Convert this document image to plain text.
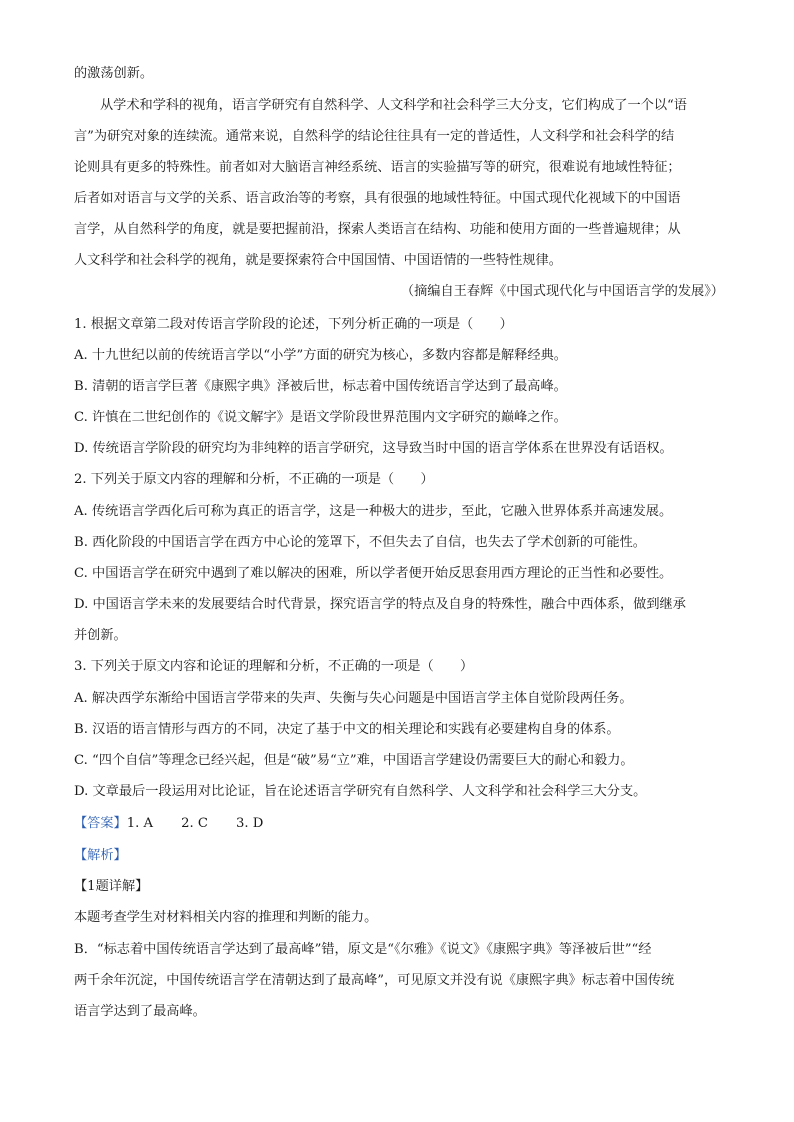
的激荡创新。
从学术和学科的视角，语言学研究有自然科学、人文科学和社会科学三大分支，它们构成了一个以“语
言”为研究对象的连续流。通常来说，自然科学的结论往往具有一定的普适性，人文科学和社会科学的结
论则具有更多的特殊性。前者如对大脑语言神经系统、语言的实验描写等的研究，很难说有地域性特征；
后者如对语言与文学的关系、语言政治等的考察，具有很强的地域性特征。中国式现代化视域下的中国语
言学，从自然科学的角度，就是要把握前沿，探索人类语言在结构、功能和使用方面的一些普遍规律；从
人文科学和社会科学的视角，就是要探索符合中国国情、中国语情的一些特性规律。
（摘编自王春辉《中国式现代化与中国语言学的发展》）
1. 根据文章第二段对传语言学阶段的论述，下列分析正确的一项是（　　）
A. 十九世纪以前的传统语言学以“小学”方面的研究为核心，多数内容都是解释经典。
B. 清朝的语言学巨著《康熙字典》泽被后世，标志着中国传统语言学达到了最高峰。
C. 许慎在二世纪创作的《说文解字》是语文学阶段世界范围内文字研究的巅峰之作。
D. 传统语言学阶段的研究均为非纯粹的语言学研究，这导致当时中国的语言学体系在世界没有话语权。
2. 下列关于原文内容的理解和分析，不正确的一项是（　　）
A. 传统语言学西化后可称为真正的语言学，这是一种极大的进步，至此，它融入世界体系并高速发展。
B. 西化阶段的中国语言学在西方中心论的笼罩下，不但失去了自信，也失去了学术创新的可能性。
C. 中国语言学在研究中遇到了难以解决的困难，所以学者便开始反思套用西方理论的正当性和必要性。
D. 中国语言学未来的发展要结合时代背景，探究语言学的特点及自身的特殊性，融合中西体系，做到继承
并创新。
3. 下列关于原文内容和论证的理解和分析，不正确的一项是（　　）
A. 解决西学东渐给中国语言学带来的失声、失衡与失心问题是中国语言学主体自觉阶段两任务。
B. 汉语的语言情形与西方的不同，决定了基于中文的相关理论和实践有必要建构自身的体系。
C. “四个自信”等理念已经兴起，但是“破”易“立”难，中国语言学建设仍需要巨大的耐心和毅力。
D. 文章最后一段运用对比论证，旨在论述语言学研究有自然科学、人文科学和社会科学三大分支。
【答案】1. A 2. C 3. D
【解析】
【1题详解】
本题考查学生对材料相关内容的推理和判断的能力。
B．“标志着中国传统语言学达到了最高峰”错，原文是“《尔雅》《说文》《康熙字典》等泽被后世”“经
两千余年沉淀，中国传统语言学在清朝达到了最高峰”，可见原文并没有说《康熙字典》标志着中国传统
语言学达到了最高峰。
